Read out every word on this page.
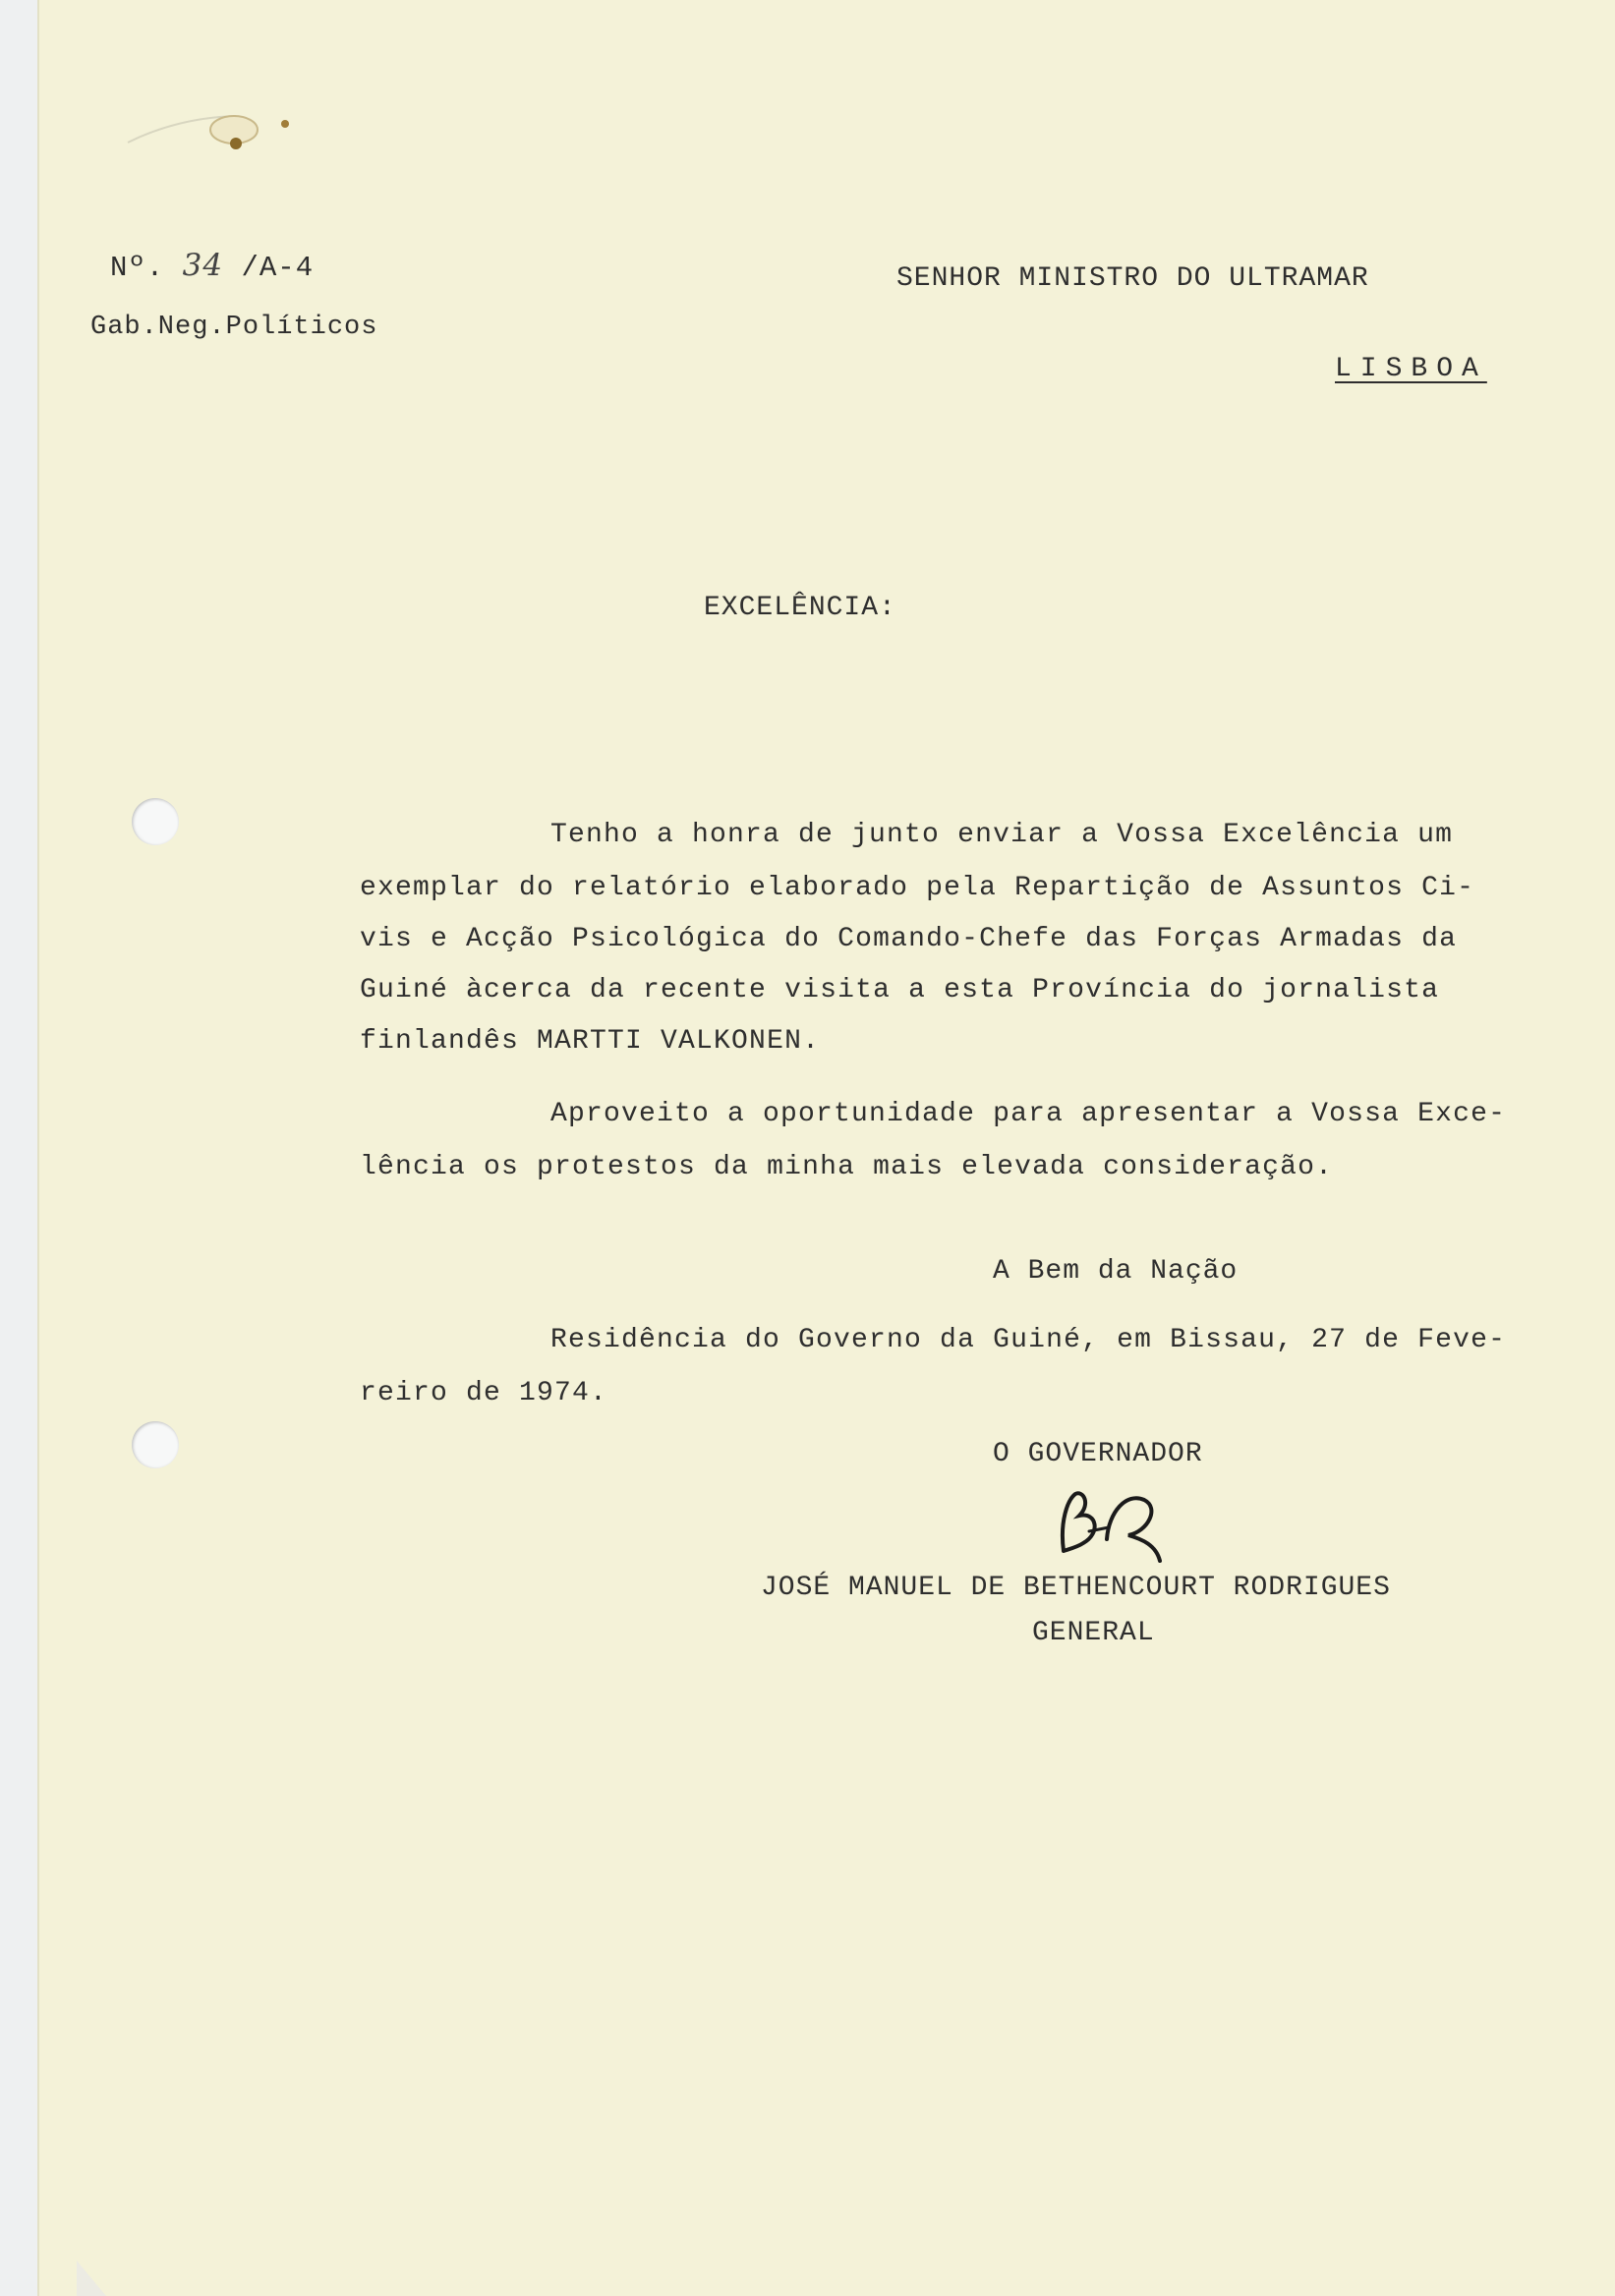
Nº. 34 /A-4
Gab.Neg.Políticos
SENHOR MINISTRO DO ULTRAMAR
LISBOA
EXCELÊNCIA:
Tenho a honra de junto enviar a Vossa Excelência um
exemplar do relatório elaborado pela Repartição de Assuntos Ci-
vis e Acção Psicológica do Comando-Chefe das Forças Armadas da
Guiné àcerca da recente visita a esta Província do jornalista
finlandês MARTTI VALKONEN.
Aproveito a oportunidade para apresentar a Vossa Exce-
lência os protestos da minha mais elevada consideração.
A Bem da Nação
Residência do Governo da Guiné, em Bissau, 27 de Feve-
reiro de 1974.
O GOVERNADOR
JOSÉ MANUEL DE BETHENCOURT RODRIGUES
GENERAL
